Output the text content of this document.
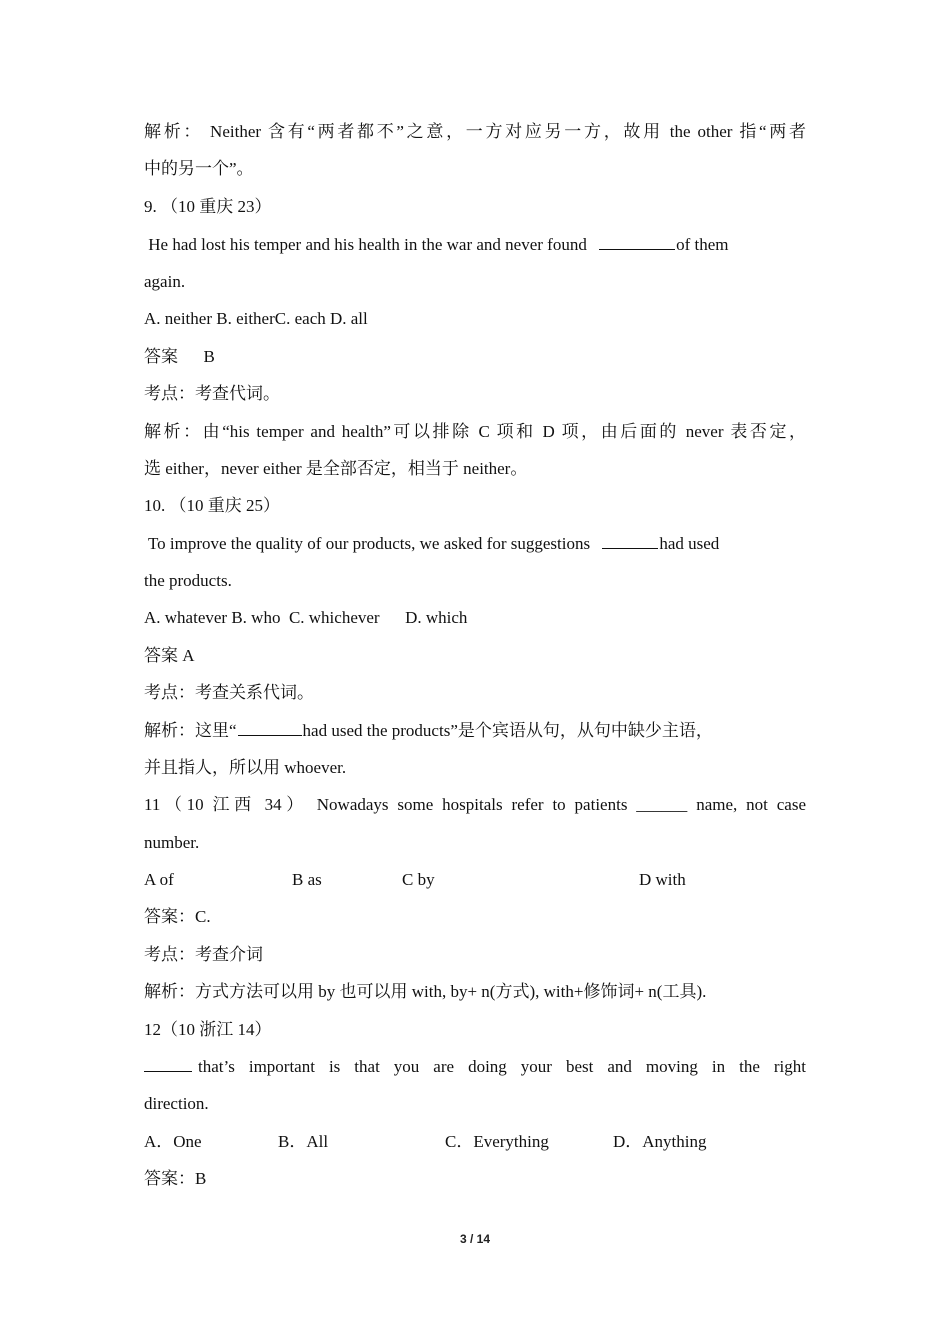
解析： Neither 含有“两者都不”之意，一方对应另一方，故用 the other 指“两者
中的另一个”。
9. （10 重庆 23）
He had lost his temper and his health in the war and never found	of them
again.
A. neither B. eitherC. each D. all
答案      B
考点：考查代词。
解析：由“his temper and health”可以排除 C 项和 D 项，由后面的 never 表否定，
选 either，never either 是全部否定，相当于 neither。
10. （10 重庆 25）
To improve the quality of our products, we asked for suggestions	had used
the products.
A. whatever B. who  C. whichever      D. which
答案 A
考点：考查关系代词。
解析：这里“	had used the products”是个宾语从句，从句中缺少主语，
并且指人，所以用 whoever.
11（10 江西 34） Nowadays some hospitals refer to patients ______ name, not case
number.
A of	B as	C by	D with
答案：C.
考点：考查介词
解析：方式方法可以用 by 也可以用 with, by+ n(方式), with+修饰词+ n(工具).
12（10 浙江 14）
that’s important is that you are doing your best and moving in the right
direction.
A．One	B．All	C．Everything	D．Anything
答案：B
3 / 14
